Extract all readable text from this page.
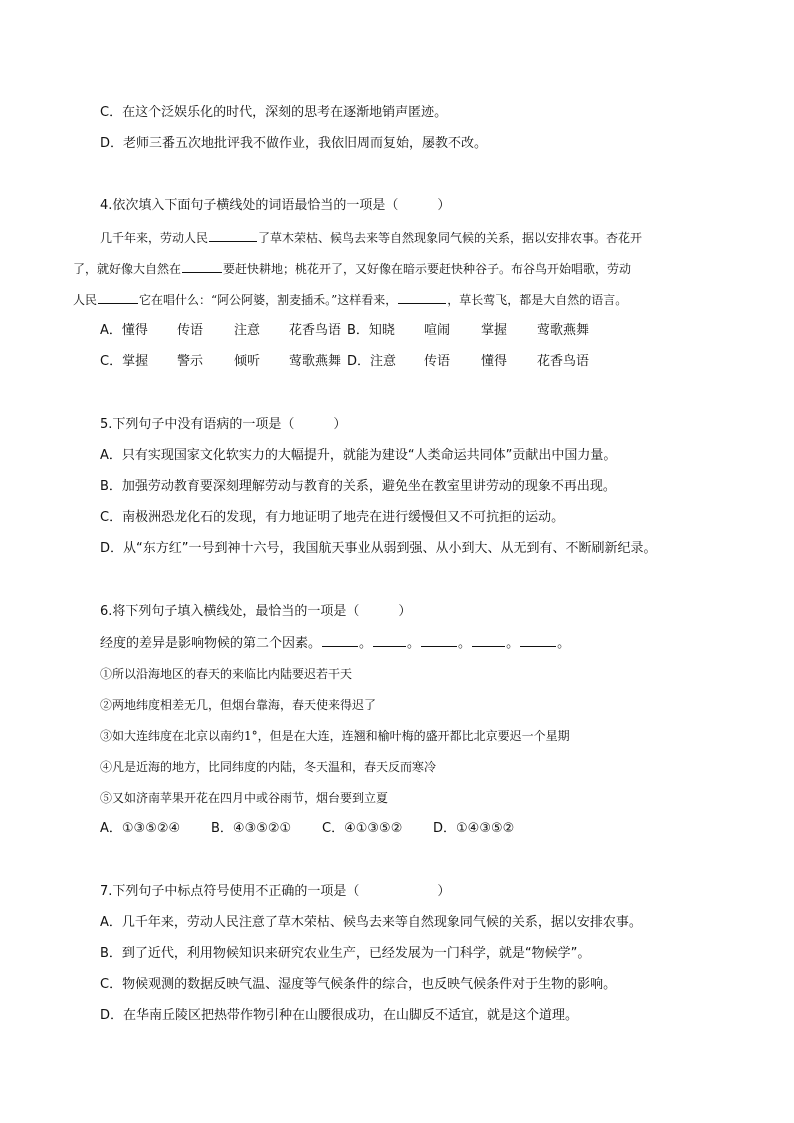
C．在这个泛娱乐化的时代，深刻的思考在逐渐地销声匿迹。
D．老师三番五次地批评我不做作业，我依旧周而复始，屡教不改。
4.依次填入下面句子横线处的词语最恰当的一项是（　　　）
几千年来，劳动人民	了草木荣枯、候鸟去来等自然现象同气候的关系，据以安排农事。杏花开
了，就好像大自然在	要赶快耕地；桃花开了，又好像在暗示要赶快种谷子。布谷鸟开始唱歌，劳动
人民	它在唱什么：“阿公阿婆，割麦插禾。”这样看来，	，草长莺飞，都是大自然的语言。
A．懂得 传语 注意 花香鸟语 B．知晓 喧闹 掌握 莺歌燕舞
C．掌握 警示 倾听 莺歌燕舞 D．注意 传语 懂得 花香鸟语
5.下列句子中没有语病的一项是（　　　）
A．只有实现国家文化软实力的大幅提升，就能为建设“人类命运共同体”贡献出中国力量。
B．加强劳动教育要深刻理解劳动与教育的关系，避免坐在教室里讲劳动的现象不再出现。
C．南极洲恐龙化石的发现，有力地证明了地壳在进行缓慢但又不可抗拒的运动。
D．从“东方红”一号到神十六号，我国航天事业从弱到强、从小到大、从无到有、不断刷新纪录。
6.将下列句子填入横线处，最恰当的一项是（　　　）
经度的差异是影响物候的第二个因素。	。	。	。	。	。
①所以沿海地区的春天的来临比内陆要迟若干天
②两地纬度相差无几，但烟台靠海，春天使来得迟了
③如大连纬度在北京以南约1°，但是在大连，连翘和榆叶梅的盛开都比北京要迟一个星期
④凡是近海的地方，比同纬度的内陆，冬天温和，春天反而寒冷
⑤又如济南苹果开花在四月中或谷雨节，烟台要到立夏
A．①③⑤②④ B．④③⑤②① C．④①③⑤② D．①④③⑤②
7.下列句子中标点符号使用不正确的一项是（　　　　　　）
A．几千年来，劳动人民注意了草木荣枯、候鸟去来等自然现象同气候的关系，据以安排农事。
B．到了近代，利用物候知识来研究农业生产，已经发展为一门科学，就是“物候学”。
C．物候观测的数据反映气温、湿度等气候条件的综合，也反映气候条件对于生物的影响。
D．在华南丘陵区把热带作物引种在山腰很成功，在山脚反不适宜，就是这个道理。
